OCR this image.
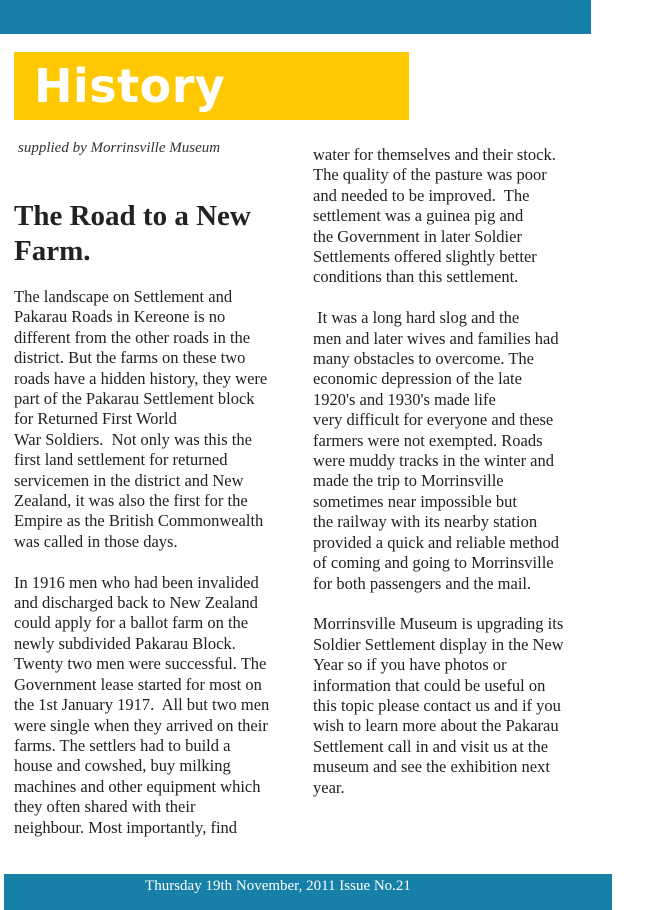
History
supplied by Morrinsville Museum
The Road to a New Farm.

The landscape on Settlement and
Pakarau Roads in Kereone is no
different from the other roads in the
district. But the farms on these two
roads have a hidden history, they were
part of the Pakarau Settlement block
for Returned First World
War Soldiers.  Not only was this the
first land settlement for returned
servicemen in the district and New
Zealand, it was also the first for the
Empire as the British Commonwealth
was called in those days.

In 1916 men who had been invalided
and discharged back to New Zealand
could apply for a ballot farm on the
newly subdivided Pakarau Block.
Twenty two men were successful. The
Government lease started for most on
the 1st January 1917.  All but two men
were single when they arrived on their
farms. The settlers had to build a
house and cowshed, buy milking
machines and other equipment which
they often shared with their
neighbour. Most importantly, find

water for themselves and their stock.
The quality of the pasture was poor
and needed to be improved.  The
settlement was a guinea pig and
the Government in later Soldier
Settlements offered slightly better
conditions than this settlement.

It was a long hard slog and the
men and later wives and families had
many obstacles to overcome. The
economic depression of the late
1920's and 1930's made life
very difficult for everyone and these
farmers were not exempted. Roads
were muddy tracks in the winter and
made the trip to Morrinsville
sometimes near impossible but
the railway with its nearby station
provided a quick and reliable method
of coming and going to Morrinsville
for both passengers and the mail.

Morrinsville Museum is upgrading its
Soldier Settlement display in the New
Year so if you have photos or
information that could be useful on
this topic please contact us and if you
wish to learn more about the Pakarau
Settlement call in and visit us at the
museum and see the exhibition next
year.

Thursday 19th November, 2011 Issue No.21
